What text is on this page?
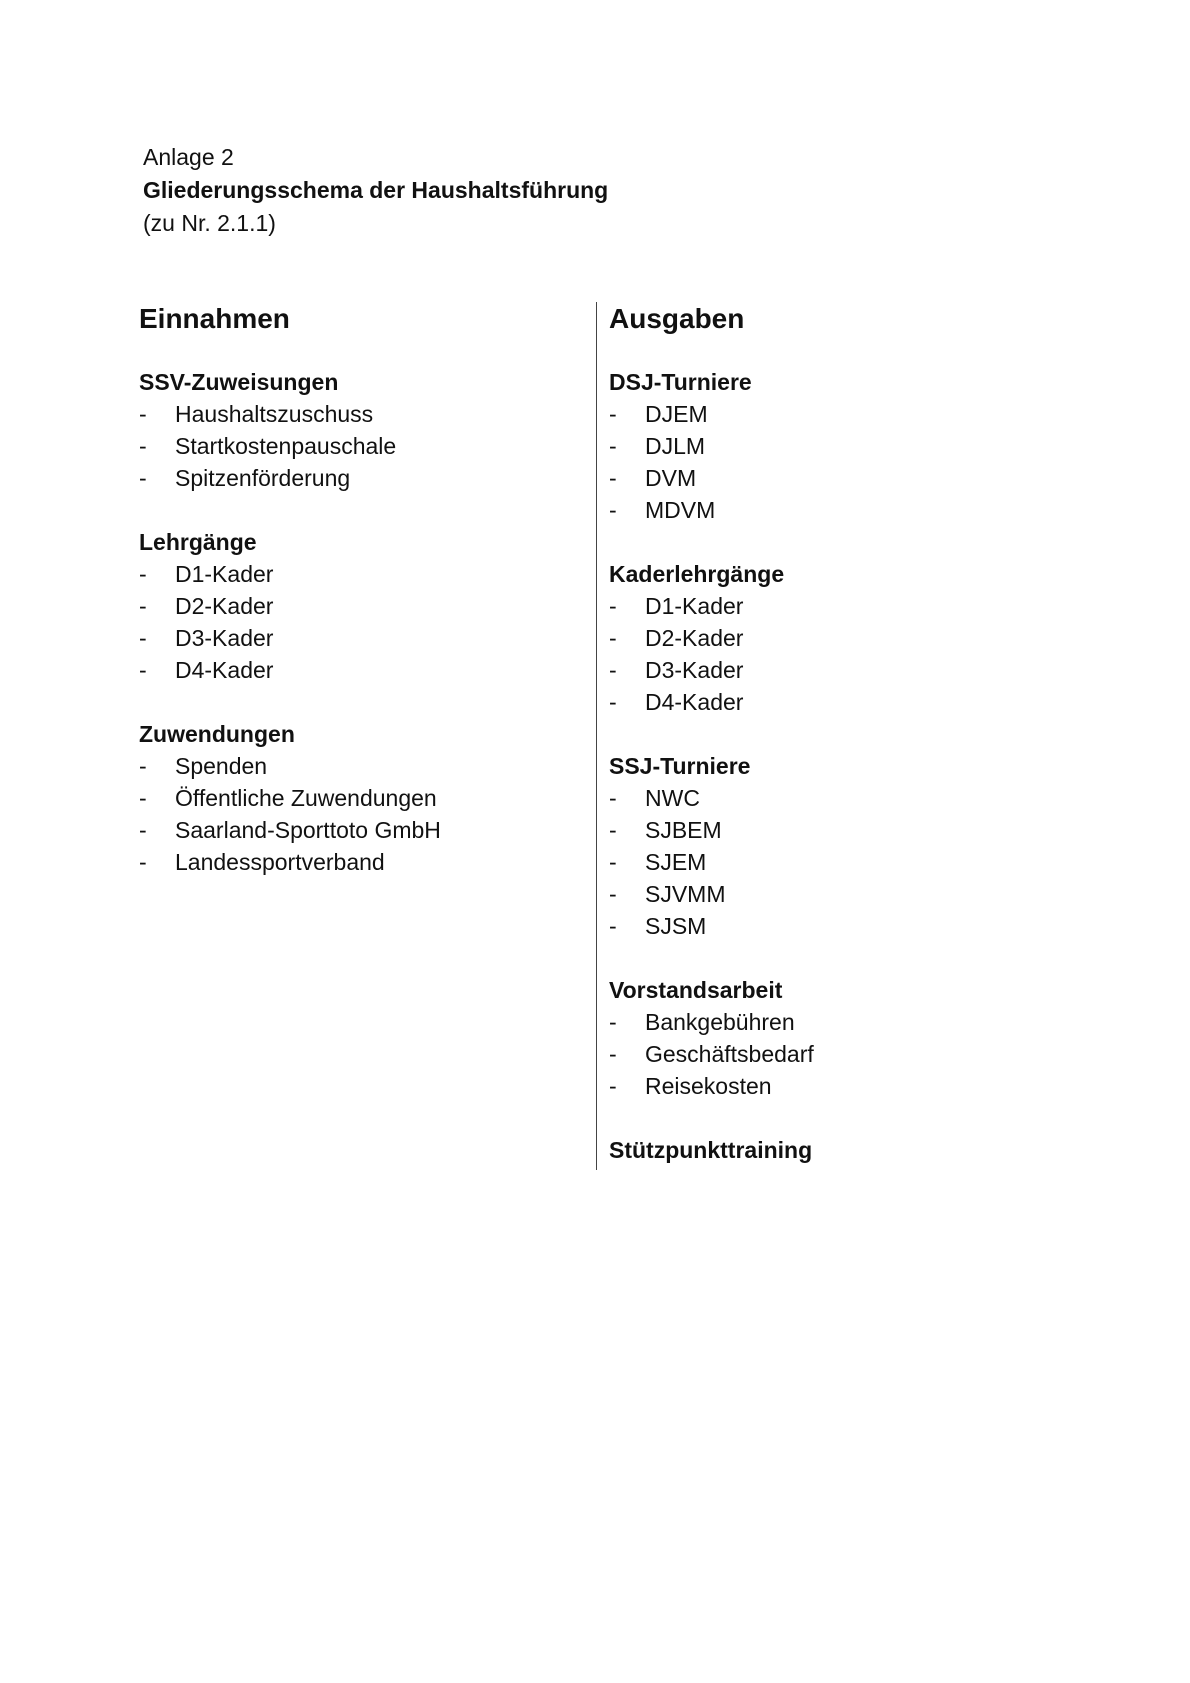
Anlage 2
Gliederungsschema der Haushaltsführung
(zu Nr. 2.1.1)
Einnahmen
SSV-Zuweisungen
- Haushaltszuschuss
- Startkostenpauschale
- Spitzenförderung
Lehrgänge
- D1-Kader
- D2-Kader
- D3-Kader
- D4-Kader
Zuwendungen
- Spenden
- Öffentliche Zuwendungen
- Saarland-Sporttoto GmbH
- Landessportverband
Ausgaben
DSJ-Turniere
- DJEM
- DJLM
- DVM
- MDVM
Kaderlehrgänge
- D1-Kader
- D2-Kader
- D3-Kader
- D4-Kader
SSJ-Turniere
- NWC
- SJBEM
- SJEM
- SJVMM
- SJSM
Vorstandsarbeit
- Bankgebühren
- Geschäftsbedarf
- Reisekosten
Stützpunkttraining
